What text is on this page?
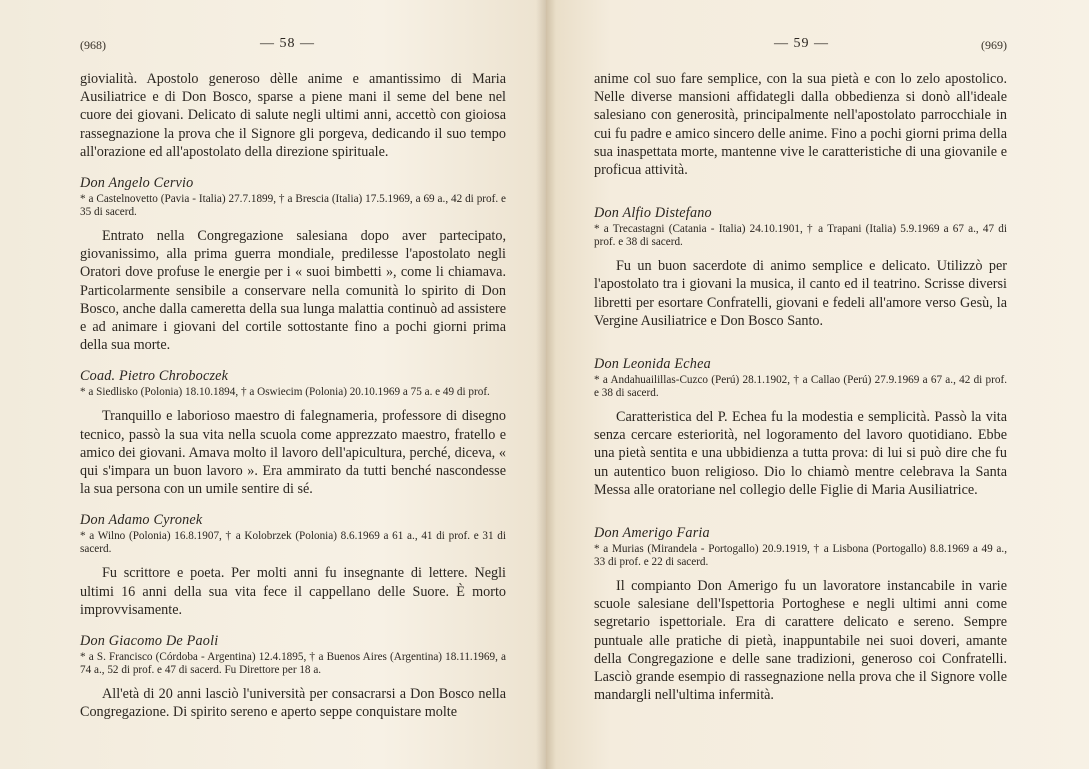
(968)	— 58 —

giovialità. Apostolo generoso dèlle anime e amantissimo di Maria Ausiliatrice e di Don Bosco, sparse a piene mani il seme del bene nel cuore dei giovani. Delicato di salute negli ultimi anni, accettò con gioiosa rassegnazione la prova che il Signore gli porgeva, dedicando il suo tempo all'orazione ed all'apostolato della direzione spirituale.

Don Angelo Cervio

* a Castelnovetto (Pavia - Italia) 27.7.1899, † a Brescia (Italia) 17.5.1969, a 69 a., 42 di prof. e 35 di sacerd.

Entrato nella Congregazione salesiana dopo aver partecipato, giovanissimo, alla prima guerra mondiale, predilesse l'apostolato negli Oratori dove profuse le energie per i « suoi bimbetti », come li chiamava. Particolarmente sensibile a conservare nella comunità lo spirito di Don Bosco, anche dalla cameretta della sua lunga malattia continuò ad assistere e ad animare i giovani del cortile sottostante fino a pochi giorni prima della sua morte.

Coad. Pietro Chroboczek

* a Siedlisko (Polonia) 18.10.1894, † a Oswiecim (Polonia) 20.10.1969 a 75 a. e 49 di prof.

Tranquillo e laborioso maestro di falegnameria, professore di disegno tecnico, passò la sua vita nella scuola come apprezzato maestro, fratello e amico dei giovani. Amava molto il lavoro dell'apicultura, perché, diceva, « qui s'impara un buon lavoro ». Era ammirato da tutti benché nascondesse la sua persona con un umile sentire di sé.

Don Adamo Cyronek

* a Wilno (Polonia) 16.8.1907, † a Kolobrzek (Polonia) 8.6.1969 a 61 a., 41 di prof. e 31 di sacerd.

Fu scrittore e poeta. Per molti anni fu insegnante di lettere. Negli ultimi 16 anni della sua vita fece il cappellano delle Suore. È morto improvvisamente.

Don Giacomo De Paoli

* a S. Francisco (Córdoba - Argentina) 12.4.1895, † a Buenos Aires (Argentina) 18.11.1969, a 74 a., 52 di prof. e 47 di sacerd. Fu Direttore per 18 a.

All'età di 20 anni lasciò l'università per consacrarsi a Don Bosco nella Congregazione. Di spirito sereno e aperto seppe conquistare molte

— 59 —	(969)

anime col suo fare semplice, con la sua pietà e con lo zelo apostolico. Nelle diverse mansioni affidategli dalla obbedienza si donò all'ideale salesiano con generosità, principalmente nell'apostolato parrocchiale in cui fu padre e amico sincero delle anime. Fino a pochi giorni prima della sua inaspettata morte, mantenne vive le caratteristiche di una giovanile e proficua attività.

Don Alfio Distefano

* a Trecastagni (Catania - Italia) 24.10.1901, † a Trapani (Italia) 5.9.1969 a 67 a., 47 di prof. e 38 di sacerd.

Fu un buon sacerdote di animo semplice e delicato. Utilizzò per l'apostolato tra i giovani la musica, il canto ed il teatrino. Scrisse diversi libretti per esortare Confratelli, giovani e fedeli all'amore verso Gesù, la Vergine Ausiliatrice e Don Bosco Santo.

Don Leonida Echea

* a Andahuailillas-Cuzco (Perú) 28.1.1902, † a Callao (Perú) 27.9.1969 a 67 a., 42 di prof. e 38 di sacerd.

Caratteristica del P. Echea fu la modestia e semplicità. Passò la vita senza cercare esteriorità, nel logoramento del lavoro quotidiano. Ebbe una pietà sentita e una ubbidienza a tutta prova: di lui si può dire che fu un autentico buon religioso. Dio lo chiamò mentre celebrava la Santa Messa alle oratoriane nel collegio delle Figlie di Maria Ausiliatrice.

Don Amerigo Faria

* a Murias (Mirandela - Portogallo) 20.9.1919, † a Lisbona (Portogallo) 8.8.1969 a 49 a., 33 di prof. e 22 di sacerd.

Il compianto Don Amerigo fu un lavoratore instancabile in varie scuole salesiane dell'Ispettoria Portoghese e negli ultimi anni come segretario ispettoriale. Era di carattere delicato e sereno. Sempre puntuale alle pratiche di pietà, inappuntabile nei suoi doveri, amante della Congregazione e delle sane tradizioni, generoso coi Confratelli. Lasciò grande esempio di rassegnazione nella prova che il Signore volle mandargli nell'ultima infermità.
